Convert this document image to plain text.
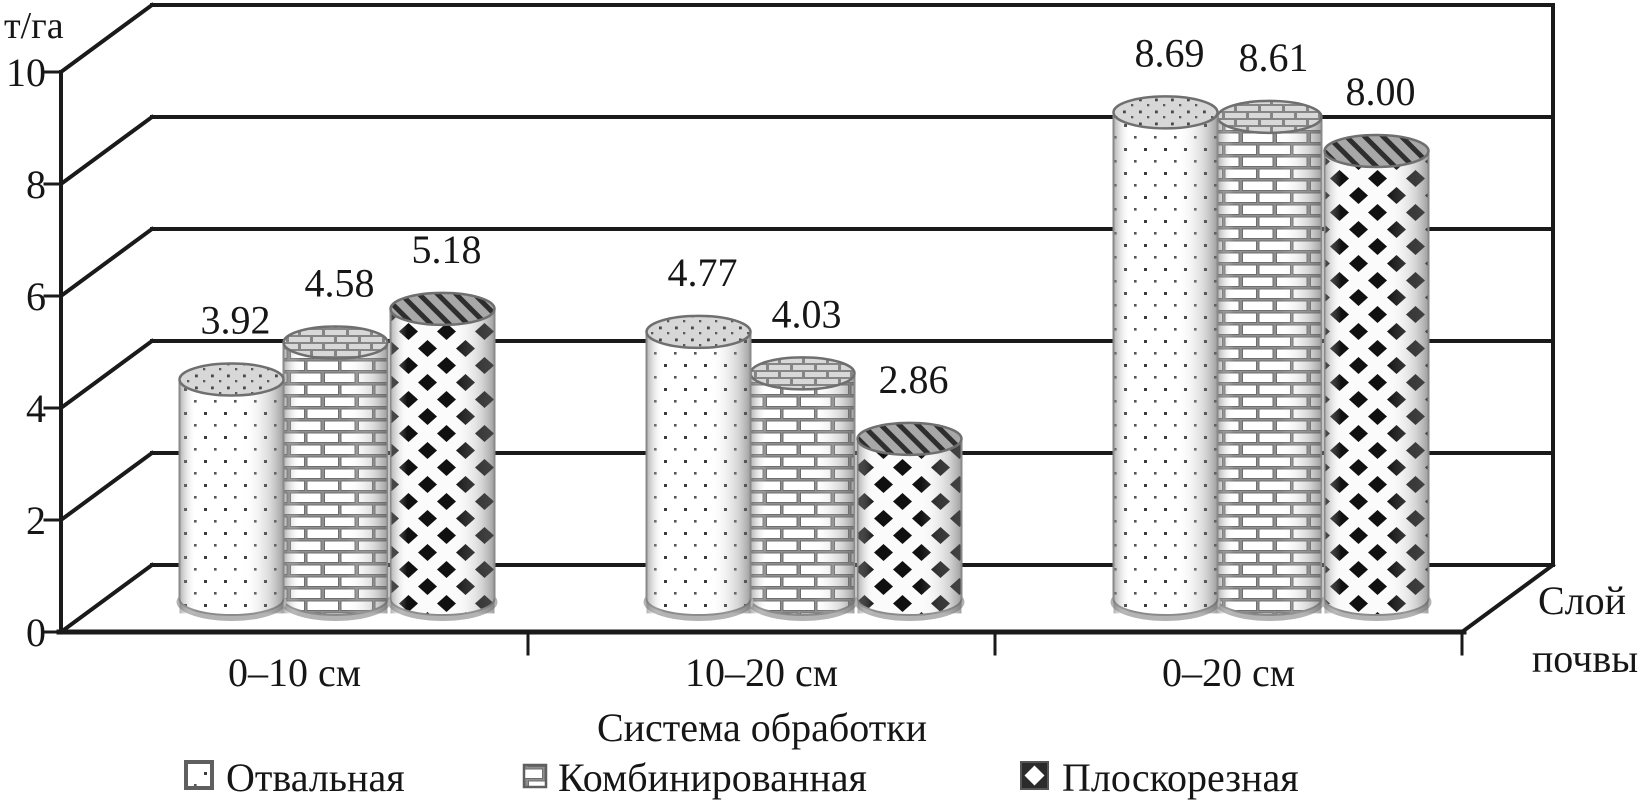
5.18
4.58
3.92
2.86
4.03
4.77
8.00
8.61
8.69
0
2
4
6
8
10
0–10 см	10–20 см	0–20 см
т/га
Система обработки
Слой
почвы
Отвальная	Комбинированная	Плоскорезная
